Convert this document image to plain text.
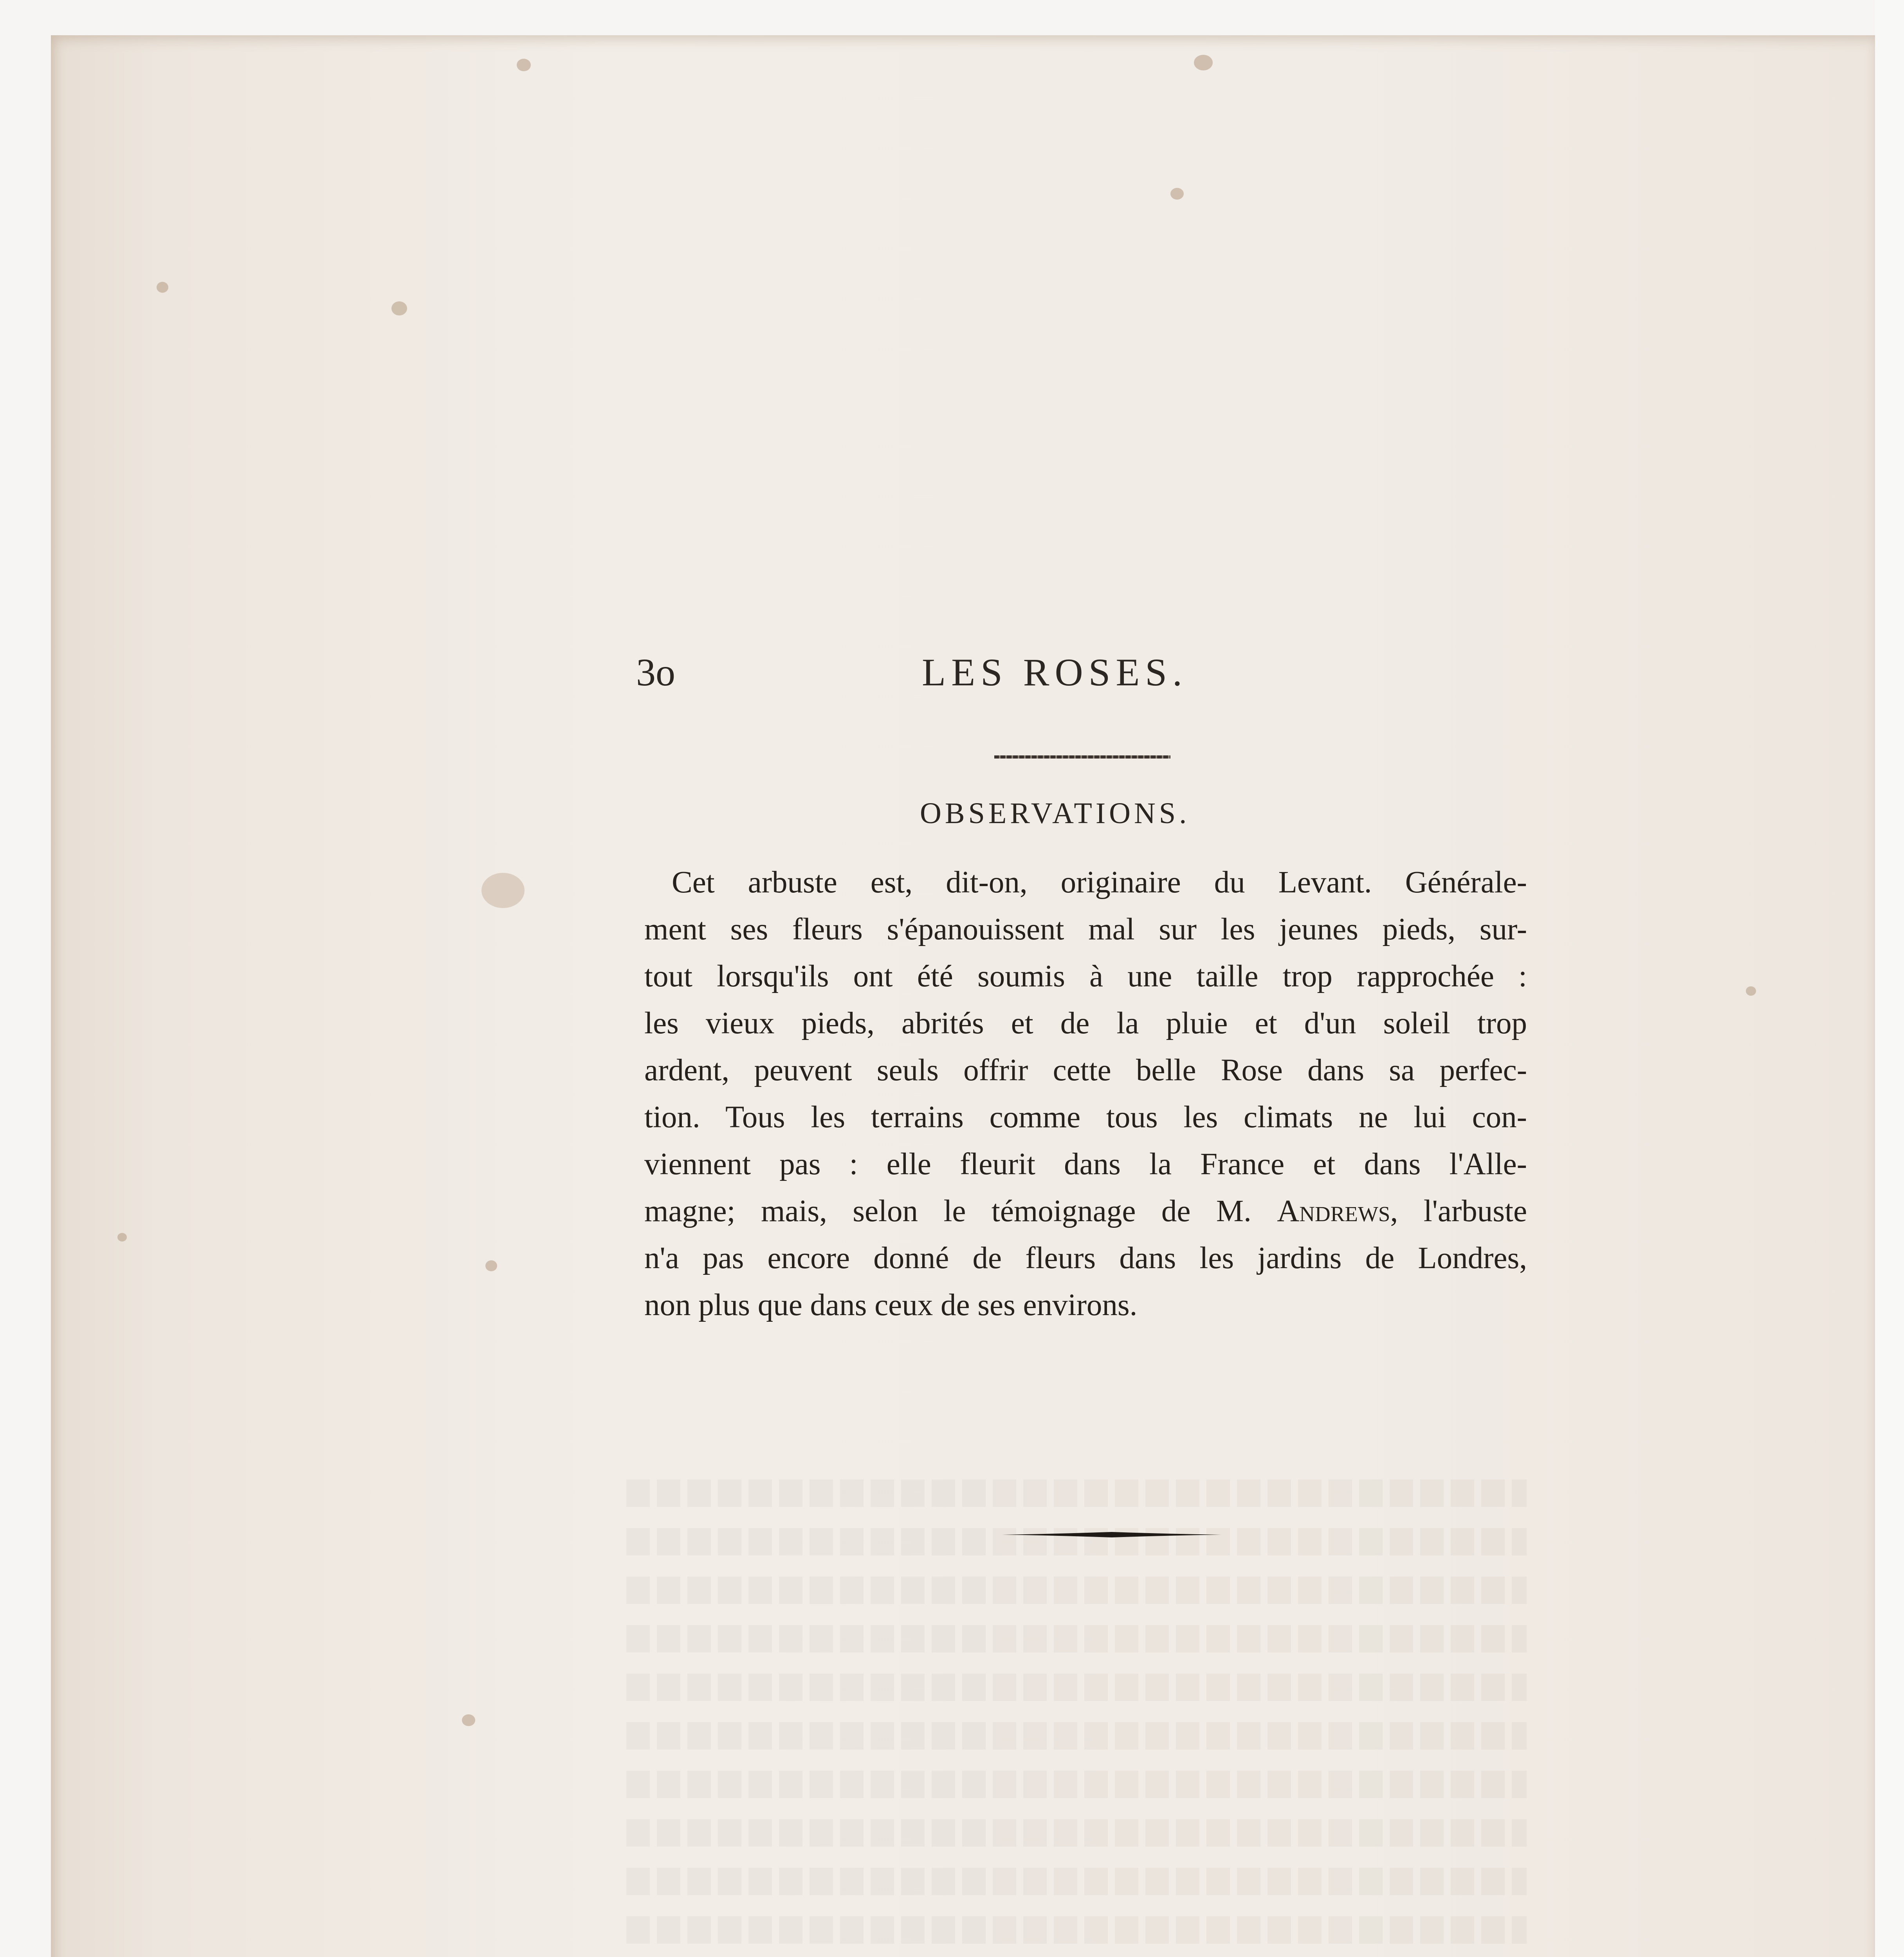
3o	LES ROSES.
OBSERVATIONS.
Cet arbuste est, dit-on, originaire du Levant. Générale-
ment ses fleurs s'épanouissent mal sur les jeunes pieds, sur-
tout lorsqu'ils ont été soumis à une taille trop rapprochée :
les vieux pieds, abrités et de la pluie et d'un soleil trop
ardent, peuvent seuls offrir cette belle Rose dans sa perfec-
tion. Tous les terrains comme tous les climats ne lui con-
viennent pas : elle fleurit dans la France et dans l'Alle-
magne; mais, selon le témoignage de M. Andrews, l'arbuste
n'a pas encore donné de fleurs dans les jardins de Londres,
non plus que dans ceux de ses environs.
